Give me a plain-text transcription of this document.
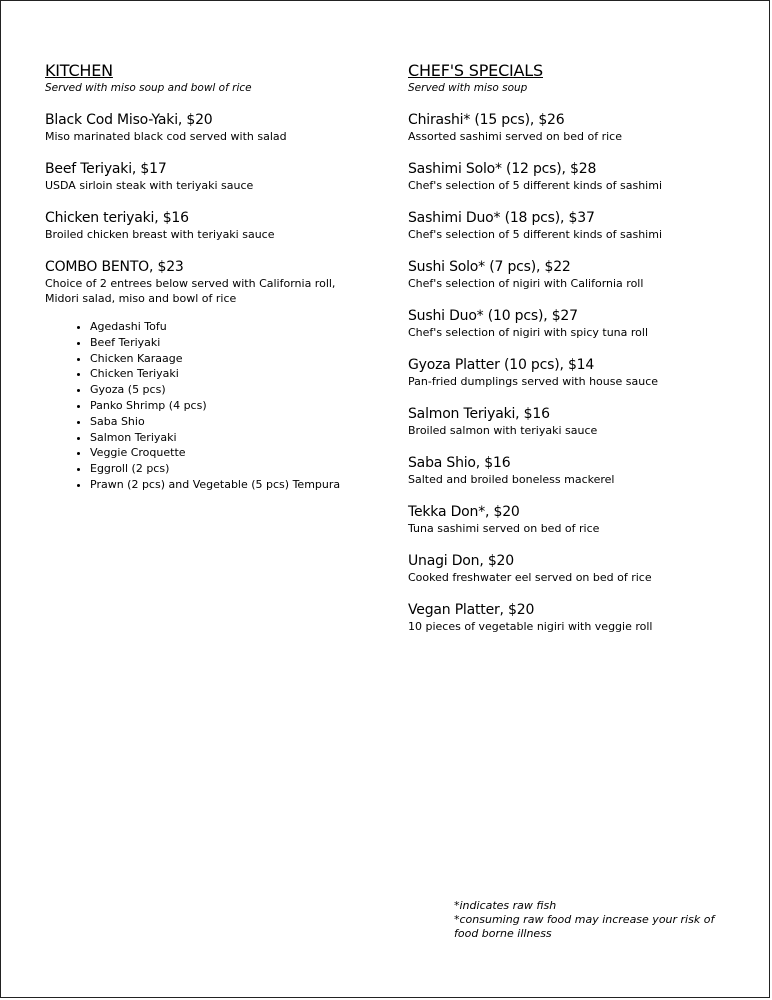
KITCHEN
Served with miso soup and bowl of rice
Black Cod Miso-Yaki, $20
Miso marinated black cod served with salad
Beef Teriyaki, $17
USDA sirloin steak with teriyaki sauce
Chicken teriyaki, $16
Broiled chicken breast with teriyaki sauce
COMBO BENTO, $23
Choice of 2 entrees below served with California roll,
Midori salad, miso and bowl of rice
• Agedashi Tofu
• Beef Teriyaki
• Chicken Karaage
• Chicken Teriyaki
• Gyoza (5 pcs)
• Panko Shrimp (4 pcs)
• Saba Shio
• Salmon Teriyaki
• Veggie Croquette
• Eggroll (2 pcs)
• Prawn (2 pcs) and Vegetable (5 pcs) Tempura
CHEF'S SPECIALS
Served with miso soup
Chirashi* (15 pcs), $26
Assorted sashimi served on bed of rice
Sashimi Solo* (12 pcs), $28
Chef's selection of 5 different kinds of sashimi
Sashimi Duo* (18 pcs), $37
Chef's selection of 5 different kinds of sashimi
Sushi Solo* (7 pcs), $22
Chef's selection of nigiri with California roll
Sushi Duo* (10 pcs), $27
Chef's selection of nigiri with spicy tuna roll
Gyoza Platter (10 pcs), $14
Pan-fried dumplings served with house sauce
Salmon Teriyaki, $16
Broiled salmon with teriyaki sauce
Saba Shio, $16
Salted and broiled boneless mackerel
Tekka Don*, $20
Tuna sashimi served on bed of rice
Unagi Don, $20
Cooked freshwater eel served on bed of rice
Vegan Platter, $20
10 pieces of vegetable nigiri with veggie roll
*indicates raw fish
*consuming raw food may increase your risk of
food borne illness
